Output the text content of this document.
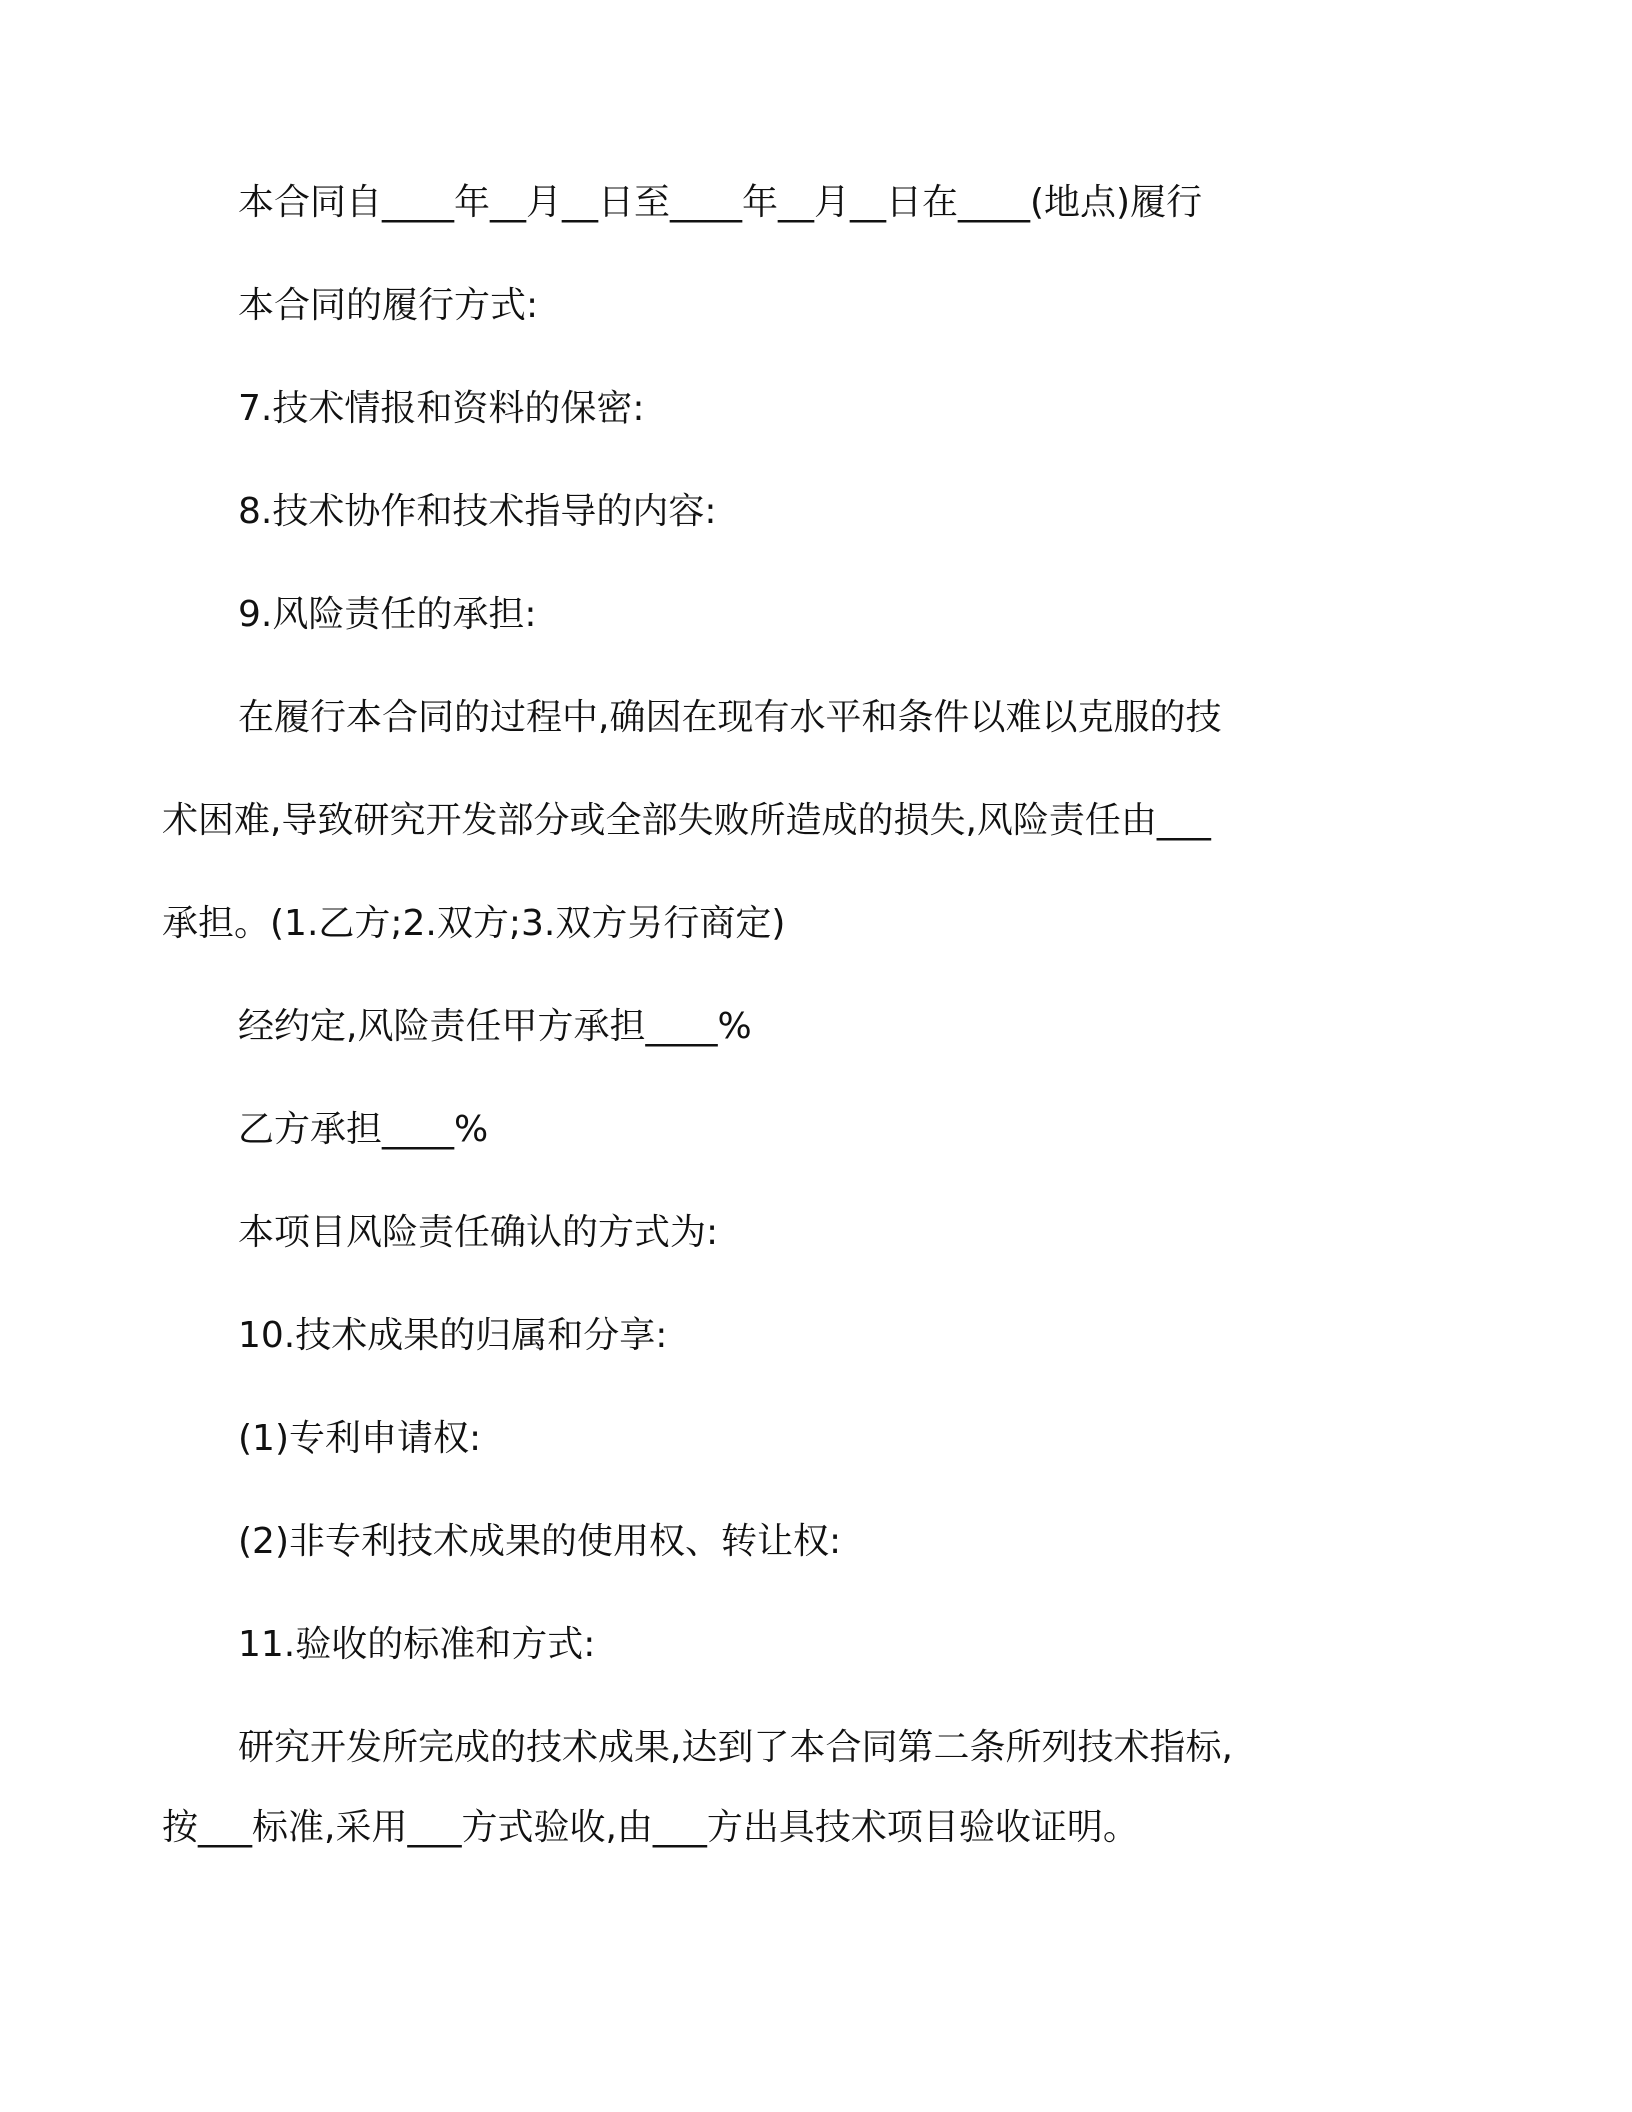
本合同自____年__月__日至____年__月__日在____(地点)履行
本合同的履行方式:
7.技术情报和资料的保密:
8.技术协作和技术指导的内容:
9.风险责任的承担:
在履行本合同的过程中,确因在现有水平和条件以难以克服的技
术困难,导致研究开发部分或全部失败所造成的损失,风险责任由___
承担。(1.乙方;2.双方;3.双方另行商定)
经约定,风险责任甲方承担____%
乙方承担____%
本项目风险责任确认的方式为:
10.技术成果的归属和分享:
(1)专利申请权:
(2)非专利技术成果的使用权、转让权:
11.验收的标准和方式:
研究开发所完成的技术成果,达到了本合同第二条所列技术指标,
按___标准,采用___方式验收,由___方出具技术项目验收证明。
